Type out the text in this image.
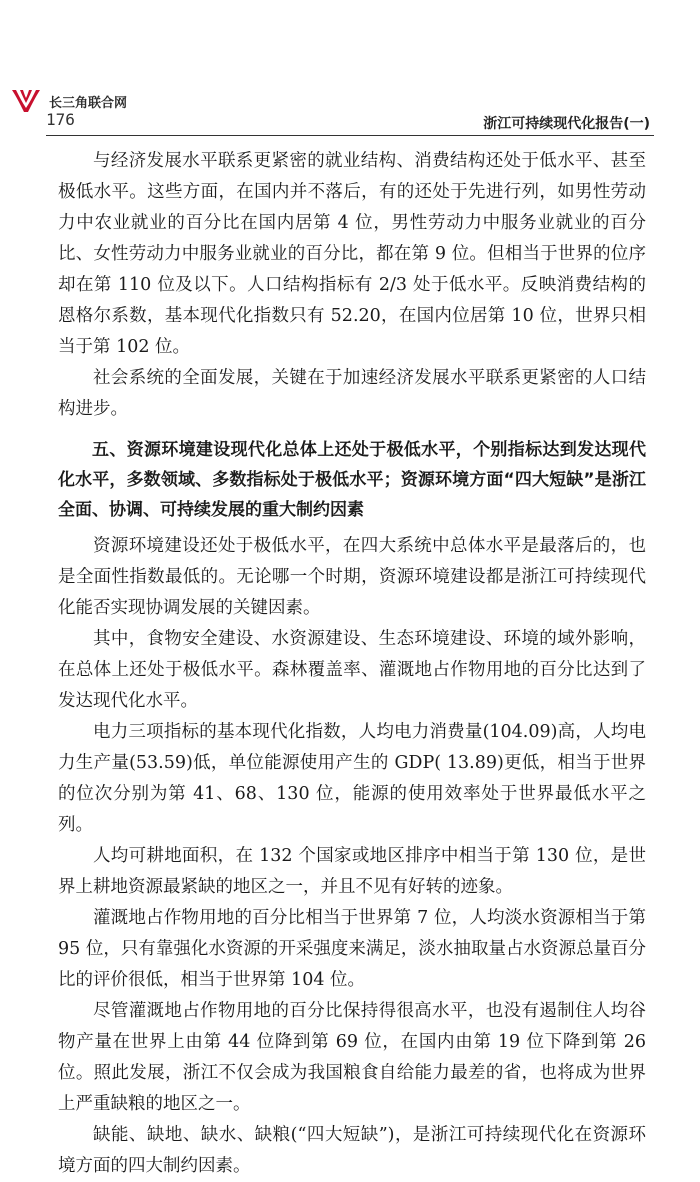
长三角联合网
176	浙江可持续现代化报告(一)

与经济发展水平联系更紧密的就业结构、消费结构还处于低水平、甚至极低水平。这些方面，在国内并不落后，有的还处于先进行列，如男性劳动力中农业就业的百分比在国内居第 4 位，男性劳动力中服务业就业的百分比、女性劳动力中服务业就业的百分比，都在第 9 位。但相当于世界的位序却在第 110 位及以下。人口结构指标有 2/3 处于低水平。反映消费结构的恩格尔系数，基本现代化指数只有 52.20，在国内位居第 10 位，世界只相当于第 102 位。

社会系统的全面发展，关键在于加速经济发展水平联系更紧密的人口结构进步。

五、资源环境建设现代化总体上还处于极低水平，个别指标达到发达现代化水平，多数领域、多数指标处于极低水平；资源环境方面“四大短缺”是浙江全面、协调、可持续发展的重大制约因素

资源环境建设还处于极低水平，在四大系统中总体水平是最落后的，也是全面性指数最低的。无论哪一个时期，资源环境建设都是浙江可持续现代化能否实现协调发展的关键因素。

其中，食物安全建设、水资源建设、生态环境建设、环境的域外影响，在总体上还处于极低水平。森林覆盖率、灌溉地占作物用地的百分比达到了发达现代化水平。

电力三项指标的基本现代化指数，人均电力消费量(104.09)高，人均电力生产量(53.59)低，单位能源使用产生的 GDP( 13.89)更低，相当于世界的位次分别为第 41、68、130 位，能源的使用效率处于世界最低水平之列。

人均可耕地面积，在 132 个国家或地区排序中相当于第 130 位，是世界上耕地资源最紧缺的地区之一，并且不见有好转的迹象。

灌溉地占作物用地的百分比相当于世界第 7 位，人均淡水资源相当于第 95 位，只有靠强化水资源的开采强度来满足，淡水抽取量占水资源总量百分比的评价很低，相当于世界第 104 位。

尽管灌溉地占作物用地的百分比保持得很高水平，也没有遏制住人均谷物产量在世界上由第 44 位降到第 69 位，在国内由第 19 位下降到第 26 位。照此发展，浙江不仅会成为我国粮食自给能力最差的省，也将成为世界上严重缺粮的地区之一。

缺能、缺地、缺水、缺粮(“四大短缺”)，是浙江可持续现代化在资源环境方面的四大制约因素。
